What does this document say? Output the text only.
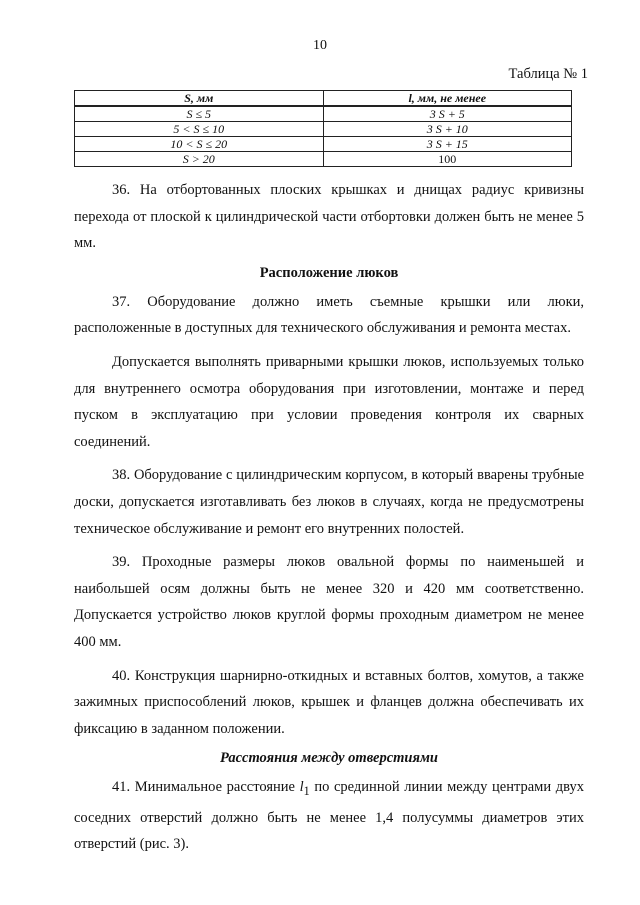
10
Таблица № 1
S, мм	l, мм, не менее
S ≤ 5	3 S + 5
5 < S ≤ 10	3 S + 10
10 < S ≤ 20	3 S + 15
S > 20	100

36. На отбортованных плоских крышках и днищах радиус кривизны перехода от плоской к цилиндрической части отбортовки должен быть не менее 5 мм.

Расположение люков

37. Оборудование должно иметь съемные крышки или люки, расположенные в доступных для технического обслуживания и ремонта местах.

Допускается выполнять приварными крышки люков, используемых только для внутреннего осмотра оборудования при изготовлении, монтаже и перед пуском в эксплуатацию при условии проведения контроля их сварных соединений.

38. Оборудование с цилиндрическим корпусом, в который вварены трубные доски, допускается изготавливать без люков в случаях, когда не предусмотрены техническое обслуживание и ремонт его внутренних полостей.

39. Проходные размеры люков овальной формы по наименьшей и наибольшей осям должны быть не менее 320 и 420 мм соответственно. Допускается устройство люков круглой формы проходным диаметром не менее 400 мм.

40. Конструкция шарнирно-откидных и вставных болтов, хомутов, а также зажимных приспособлений люков, крышек и фланцев должна обеспечивать их фиксацию в заданном положении.

Расстояния между отверстиями

41. Минимальное расстояние $l_1$ по срединной линии между центрами двух соседних отверстий должно быть не менее 1,4 полусуммы диаметров этих отверстий (рис. 3).
